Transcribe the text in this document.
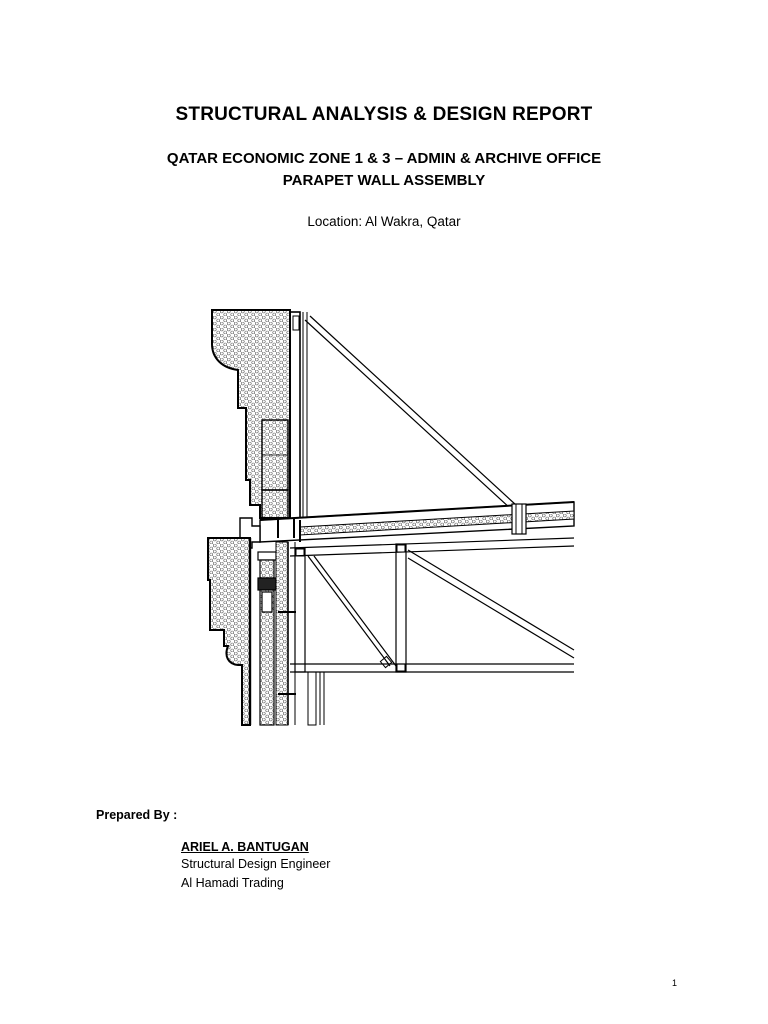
STRUCTURAL ANALYSIS & DESIGN REPORT
QATAR ECONOMIC ZONE 1 & 3 – ADMIN & ARCHIVE OFFICE
PARAPET WALL ASSEMBLY
Location: Al Wakra, Qatar
Prepared By :
ARIEL A. BANTUGAN
Structural Design Engineer
Al Hamadi Trading
1
